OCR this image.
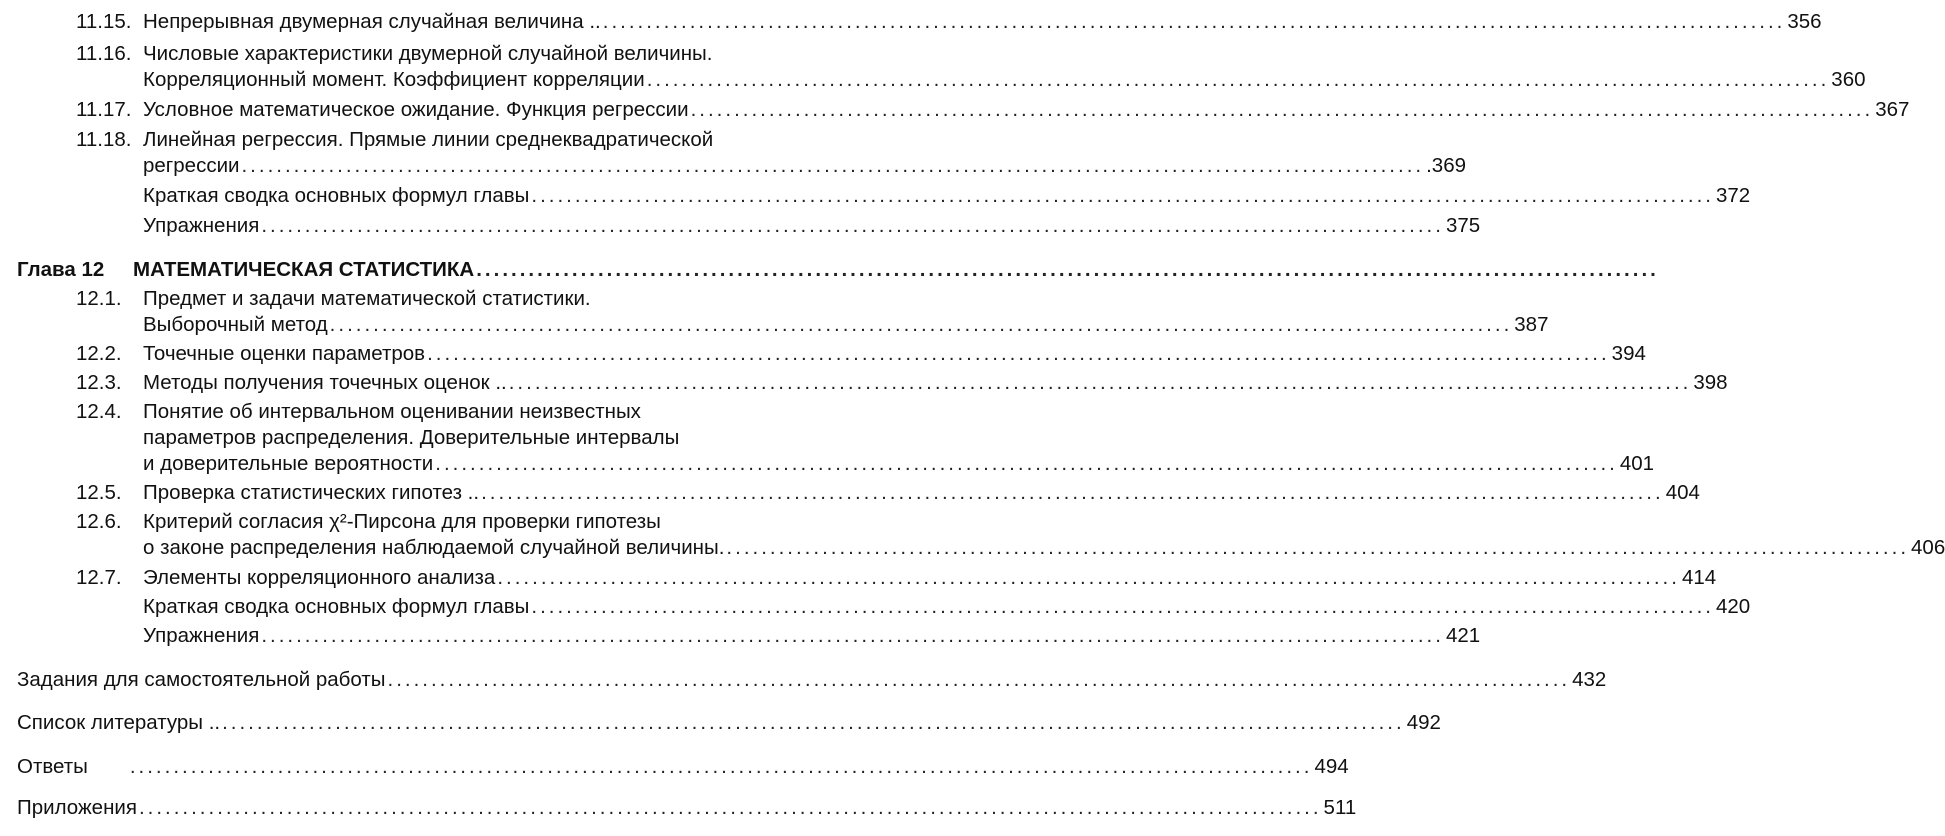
11.15. Непрерывная двумерная случайная величина .. ........................................................................................................................................ 356
11.16. Числовые характеристики двумерной случайной величины.
Корреляционный момент. Коэффициент корреляции ........................................................................................................................................ 360
11.17. Условное математическое ожидание. Функция регрессии ........................................................................................................................................ 367
11.18. Линейная регрессия. Прямые линии среднеквадратической
регрессии ........................................................................................................................................ .369
Краткая сводка основных формул главы ........................................................................................................................................ 372
Упражнения ........................................................................................................................................ 375
Глава 12 МАТЕМАТИЧЕСКАЯ СТАТИСТИКА ........................................................................................................................................
12.1. Предмет и задачи математической статистики.
Выборочный метод ........................................................................................................................................ 387
12.2. Точечные оценки параметров ........................................................................................................................................ 394
12.3. Методы получения точечных оценок .. ........................................................................................................................................ 398
12.4. Понятие об интервальном оценивании неизвестных
параметров распределения. Доверительные интервалы
и доверительные вероятности ........................................................................................................................................ 401
12.5. Проверка статистических гипотез .. ........................................................................................................................................ 404
12.6. Критерий согласия χ²-Пирсона для проверки гипотезы
о законе распределения наблюдаемой случайной величины. ........................................................................................................................................ 406
12.7. Элементы корреляционного анализа ........................................................................................................................................ 414
Краткая сводка основных формул главы ........................................................................................................................................ 420
Упражнения ........................................................................................................................................ 421
Задания для самостоятельной работы ........................................................................................................................................ 432
Список литературы .. ........................................................................................................................................ 492
Ответы ........................................................................................................................................ 494
Приложения ........................................................................................................................................ 511
